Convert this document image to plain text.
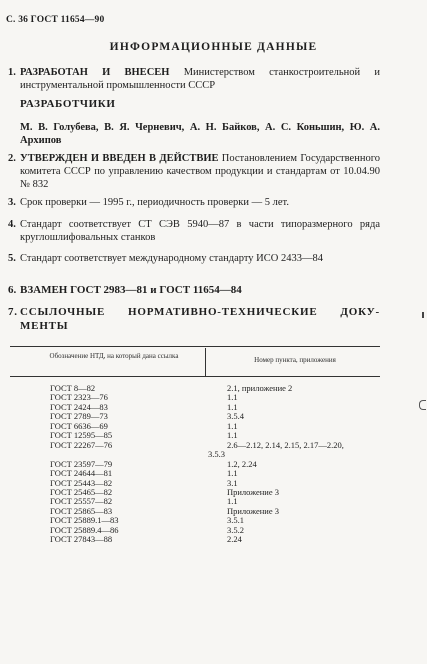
С. 36 ГОСТ 11654—90
ИНФОРМАЦИОННЫЕ ДАННЫЕ
1. РАЗРАБОТАН И ВНЕСЕН Министерством станкостроительной и инструментальной промышленности СССР
РАЗРАБОТЧИКИ
М. В. Голубева, В. Я. Черневич, А. Н. Байков, А. С. Коньшин, Ю. А. Архипов
2. УТВЕРЖДЕН И ВВЕДЕН В ДЕЙСТВИЕ Постановлением Государственного комитета СССР по управлению качеством продукции и стандартам от 10.04.90 № 832
3. Срок проверки — 1995 г., периодичность проверки — 5 лет.
4. Стандарт соответствует СТ СЭВ 5940—87 в части типоразмерного ряда круглошлифовальных станков
5. Стандарт соответствует международному стандарту ИСО 2433—84
6. ВЗАМЕН ГОСТ 2983—81 и ГОСТ 11654—84
7. ССЫЛОЧНЫЕ НОРМАТИВНО-ТЕХНИЧЕСКИЕ ДОКУ-
МЕНТЫ
Обозначение НТД, на который дана ссылка	Номер пункта, приложения
ГОСТ 8—82	2.1, приложение 2
ГОСТ 2323—76	1.1
ГОСТ 2424—83	1.1
ГОСТ 2789—73	3.5.4
ГОСТ 6636—69	1.1
ГОСТ 12595—85	1.1
ГОСТ 22267—76	2.6—2.12, 2.14, 2.15, 2.17—2.20,
3.5.3
ГОСТ 23597—79	1.2, 2.24
ГОСТ 24644—81	1.1
ГОСТ 25443—82	3.1
ГОСТ 25465—82	Приложение 3
ГОСТ 25557—82	1.1
ГОСТ 25865—83	Приложение 3
ГОСТ 25889.1—83	3.5.1
ГОСТ 25889.4—86	3.5.2
ГОСТ 27843—88	2.24
